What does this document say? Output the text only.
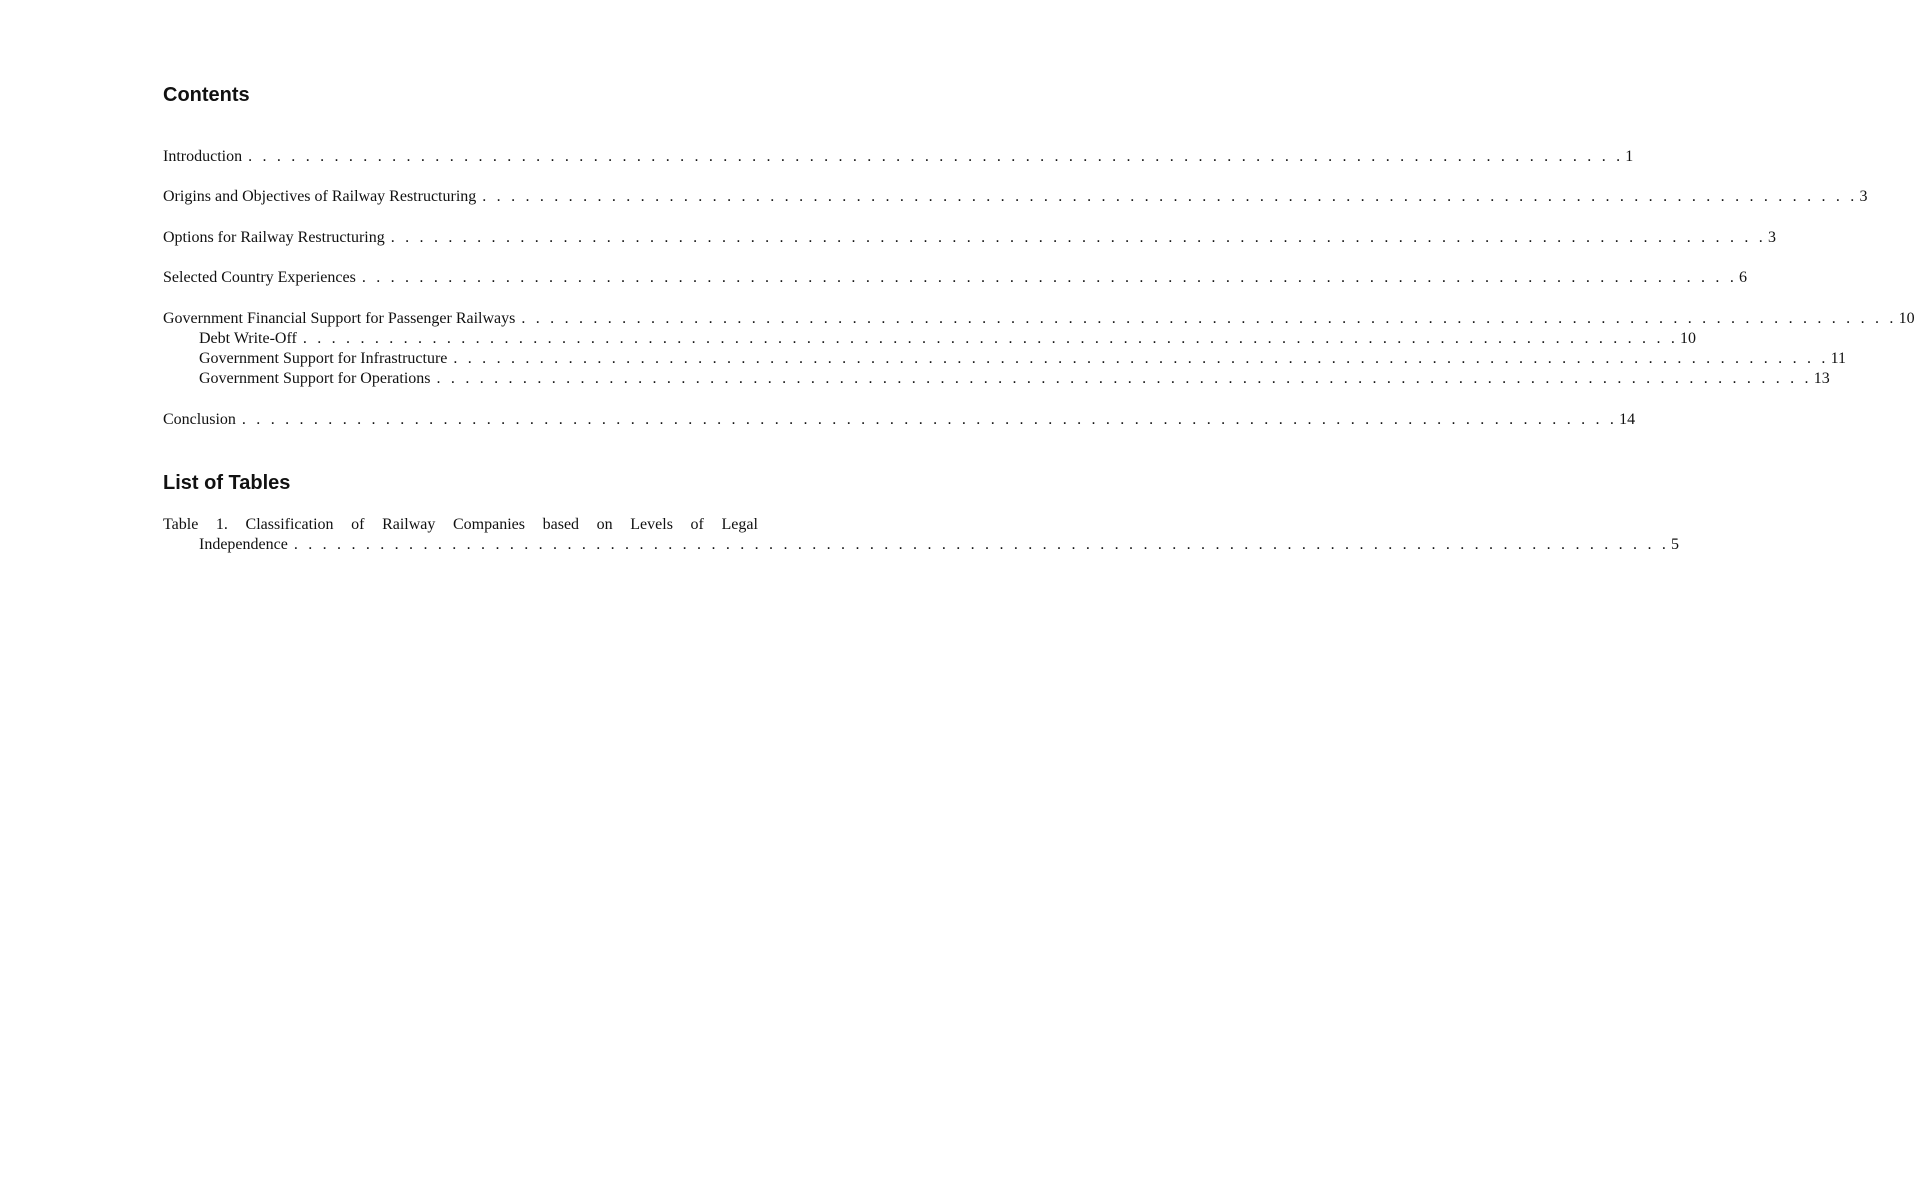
Contents
Introduction . . . . . . . . . . . . . . . . . . . . . . . . . . . . . . . . . . . . . . . . . . . . . . . . . . . . . . . . . . . . . . . . . . . . . . . . . . . . . . . . . . . . . . . . . . . . . . . . 1
Origins and Objectives of Railway Restructuring . . . . . . . . . . . . . . . . . . . . . . . . . . . . . . . . . . . . . . . . . . . . . . . . . . . . . . . . . . . . . . . . . . . . . . . . . . . . . . . . . . . . . . . . . . . . . . . . 3
Options for Railway Restructuring . . . . . . . . . . . . . . . . . . . . . . . . . . . . . . . . . . . . . . . . . . . . . . . . . . . . . . . . . . . . . . . . . . . . . . . . . . . . . . . . . . . . . . . . . . . . . . . . 3
Selected Country Experiences . . . . . . . . . . . . . . . . . . . . . . . . . . . . . . . . . . . . . . . . . . . . . . . . . . . . . . . . . . . . . . . . . . . . . . . . . . . . . . . . . . . . . . . . . . . . . . . . 6
Government Financial Support for Passenger Railways . . . . . . . . . . . . . . . . . . . . . . . . . . . . . . . . . . . . . . . . . . . . . . . . . . . . . . . . . . . . . . . . . . . . . . . . . . . . . . . . . . . . . . . . . . . . . . . . 10
Debt Write-Off . . . . . . . . . . . . . . . . . . . . . . . . . . . . . . . . . . . . . . . . . . . . . . . . . . . . . . . . . . . . . . . . . . . . . . . . . . . . . . . . . . . . . . . . . . . . . . . . 10
Government Support for Infrastructure . . . . . . . . . . . . . . . . . . . . . . . . . . . . . . . . . . . . . . . . . . . . . . . . . . . . . . . . . . . . . . . . . . . . . . . . . . . . . . . . . . . . . . . . . . . . . . . . 11
Government Support for Operations . . . . . . . . . . . . . . . . . . . . . . . . . . . . . . . . . . . . . . . . . . . . . . . . . . . . . . . . . . . . . . . . . . . . . . . . . . . . . . . . . . . . . . . . . . . . . . . . 13
Conclusion . . . . . . . . . . . . . . . . . . . . . . . . . . . . . . . . . . . . . . . . . . . . . . . . . . . . . . . . . . . . . . . . . . . . . . . . . . . . . . . . . . . . . . . . . . . . . . . . 14
List of Tables
Table 1. Classification of Railway Companies based on Levels of Legal
Independence . . . . . . . . . . . . . . . . . . . . . . . . . . . . . . . . . . . . . . . . . . . . . . . . . . . . . . . . . . . . . . . . . . . . . . . . . . . . . . . . . . . . . . . . . . . . . . . . 5
